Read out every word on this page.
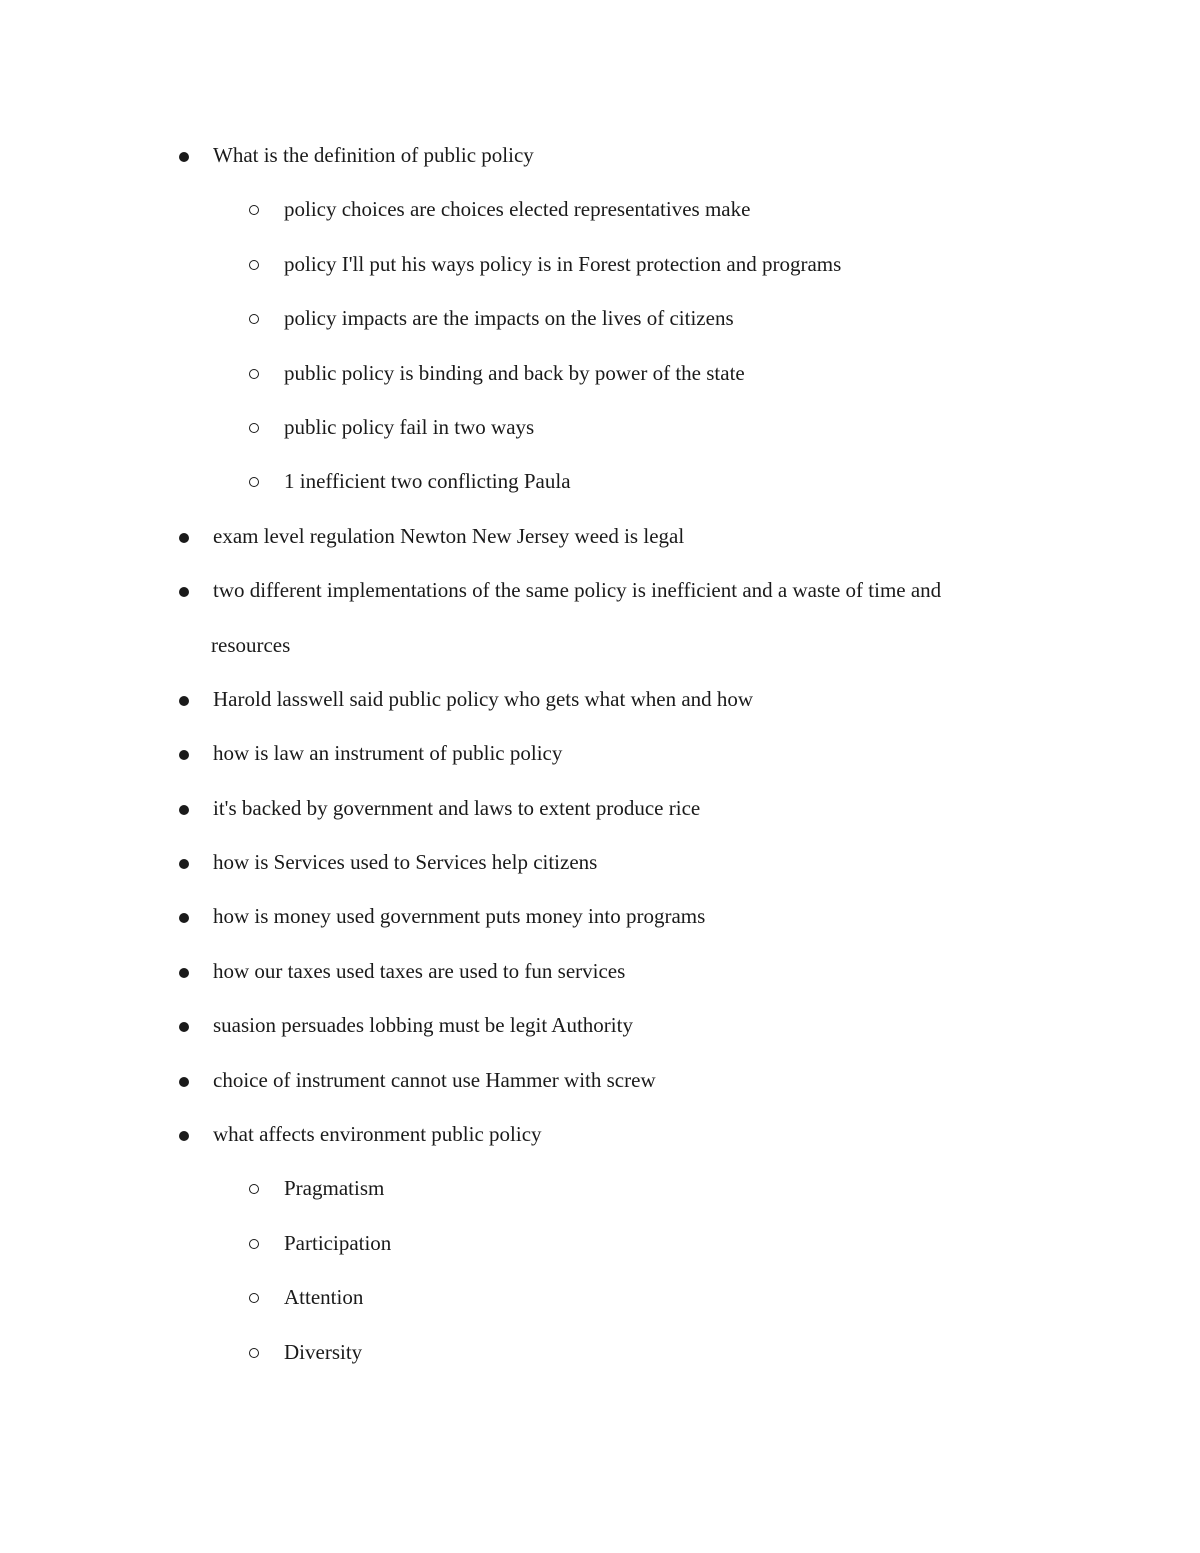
What is the definition of public policy
policy choices are choices elected representatives make
policy I'll put his ways policy is in Forest protection and programs
policy impacts are the impacts on the lives of citizens
public policy is binding and back by power of the state
public policy fail in two ways
1 inefficient two conflicting Paula
exam level regulation Newton New Jersey weed is legal
two different implementations of the same policy is inefficient and a waste of time and
resources
Harold lasswell said public policy who gets what when and how
how is law an instrument of public policy
it's backed by government and laws to extent produce rice
how is Services used to Services help citizens
how is money used government puts money into programs
how our taxes used taxes are used to fun services
suasion persuades lobbing must be legit Authority
choice of instrument cannot use Hammer with screw
what affects environment public policy
Pragmatism
Participation
Attention
Diversity
